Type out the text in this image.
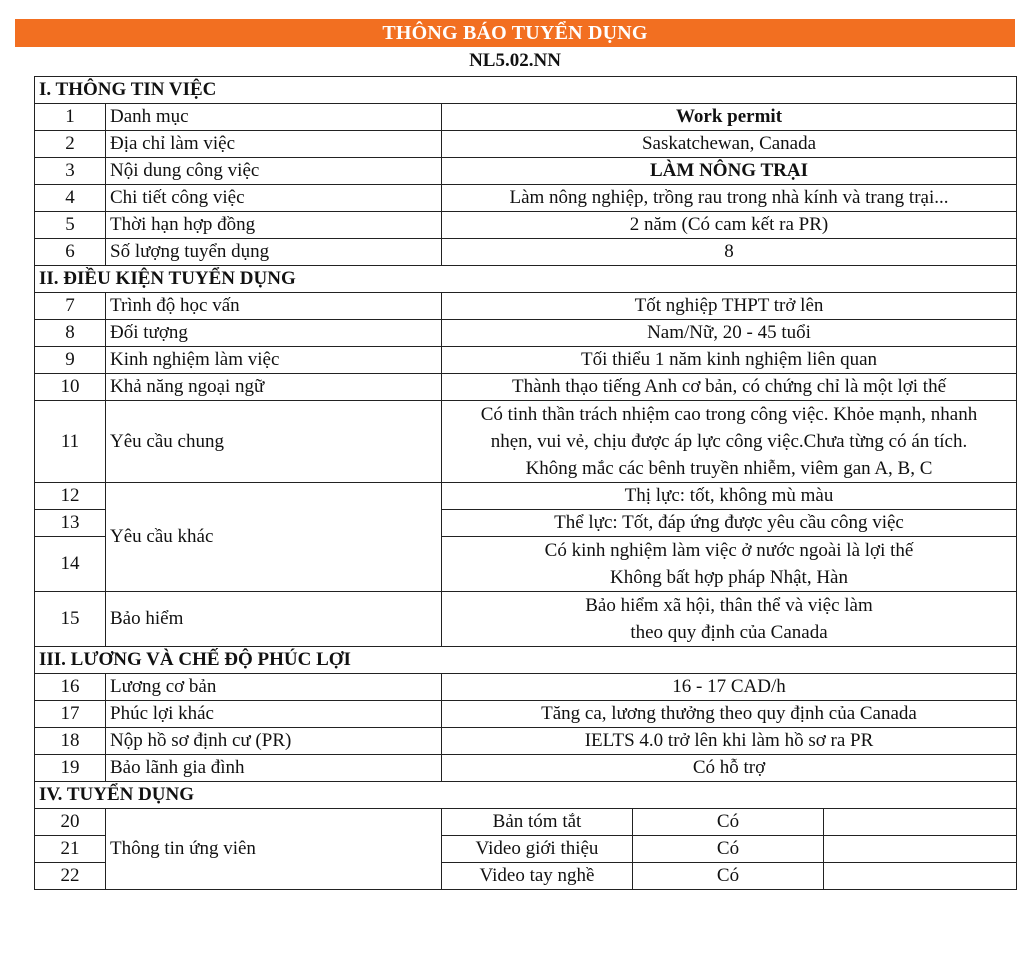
THÔNG BÁO TUYỂN DỤNG
NL5.02.NN
I. THÔNG TIN VIỆC				
1	Danh mục	Work permit		
2	Địa chỉ làm việc	Saskatchewan, Canada		
3	Nội dung công việc	LÀM NÔNG TRẠI		
4	Chi tiết công việc	Làm nông nghiệp, trồng rau trong nhà kính và trang trại...		
5	Thời hạn hợp đồng	2 năm (Có cam kết ra PR)		
6	Số lượng tuyển dụng	8		
II. ĐIỀU KIỆN TUYỂN DỤNG				
7	Trình độ học vấn	Tốt nghiệp THPT trở lên		
8	Đối tượng	Nam/Nữ, 20 - 45 tuổi		
9	Kinh nghiệm làm việc	Tối thiểu 1 năm kinh nghiệm liên quan		
10	Khả năng ngoại ngữ	Thành thạo tiếng Anh cơ bản, có chứng chỉ là một lợi thế		
11	Yêu cầu chung	Có tinh thần trách nhiệm cao trong công việc. Khỏe mạnh, nhanh
nhẹn, vui vẻ, chịu được áp lực công việc.Chưa từng có án tích.
Không mắc các bênh truyền nhiễm, viêm gan A, B, C		

12	Yêu cầu khác	Thị lực: tốt, không mù màu		
13		Thể lực: Tốt, đáp ứng được yêu cầu công việc		
14		Có kinh nghiệm làm việc ở nước ngoài là lợi thế
Không bất hợp pháp Nhật, Hàn		

15	Bảo hiểm	Bảo hiểm xã hội, thân thể và việc làm
theo quy định của Canada		

III. LƯƠNG VÀ CHẾ ĐỘ PHÚC LỢI				
16	Lương cơ bản	16 - 17 CAD/h		
17	Phúc lợi khác	Tăng ca, lương thưởng theo quy định của Canada		
18	Nộp hồ sơ định cư (PR)	IELTS 4.0 trở lên khi làm hồ sơ ra PR		
19	Bảo lãnh gia đình	Có hỗ trợ		
IV. TUYỂN DỤNG				
20	Thông tin ứng viên	Bản tóm tắt	Có	
21		Video giới thiệu	Có	
22		Video tay nghề	Có	
